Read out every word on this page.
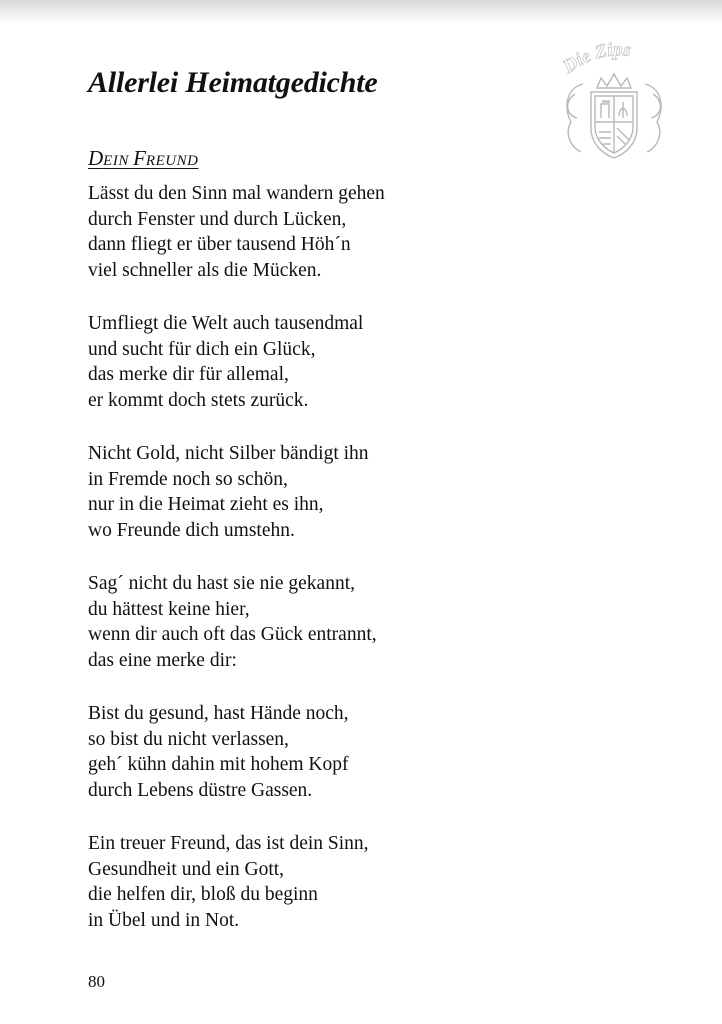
Allerlei Heimatgedichte
DEIN FREUND

Lässt du den Sinn mal wandern gehen
durch Fenster und durch Lücken,
dann fliegt er über tausend Höh´n
viel schneller als die Mücken.

Umfliegt die Welt auch tausendmal
und sucht für dich ein Glück,
das merke dir für allemal,
er kommt doch stets zurück.

Nicht Gold, nicht Silber bändigt ihn
in Fremde noch so schön,
nur in die Heimat zieht es ihn,
wo Freunde dich umstehn.

Sag´ nicht du hast sie nie gekannt,
du hättest keine hier,
wenn dir auch oft das Gück entrannt,
das eine merke dir:

Bist du gesund, hast Hände noch,
so bist du nicht verlassen,
geh´ kühn dahin mit hohem Kopf
durch Lebens düstre Gassen.

Ein treuer Freund, das ist dein Sinn,
Gesundheit und ein Gott,
die helfen dir, bloß du beginn
in Übel und in Not.

80
Die Zips
